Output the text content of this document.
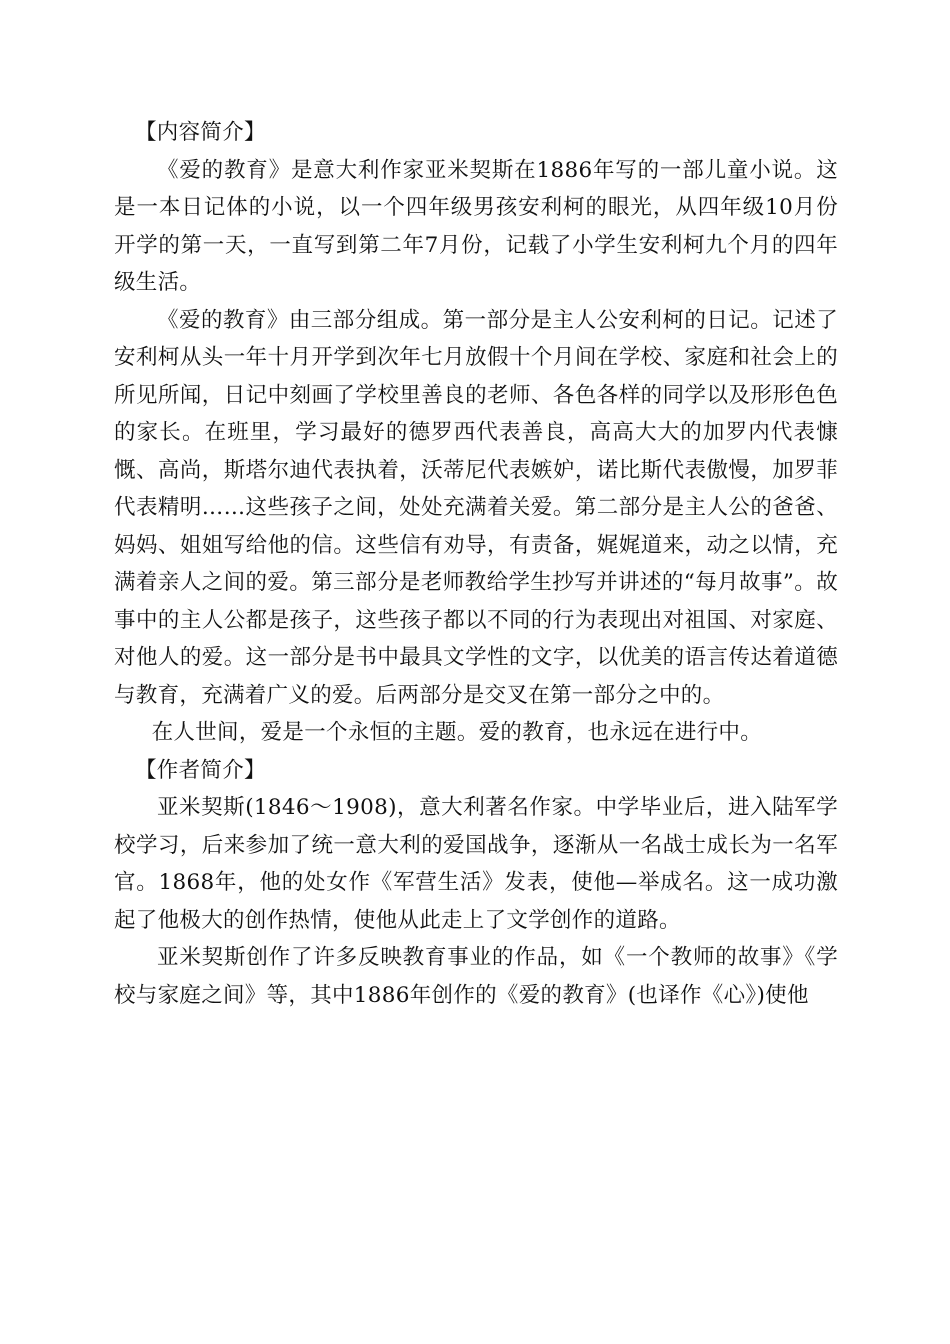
【内容简介】

《爱的教育》是意大利作家亚米契斯在1886年写的一部儿童小说。这是一本日记体的小说，以一个四年级男孩安利柯的眼光，从四年级10月份开学的第一天，一直写到第二年7月份，记载了小学生安利柯九个月的四年级生活。

《爱的教育》由三部分组成。第一部分是主人公安利柯的日记。记述了安利柯从头一年十月开学到次年七月放假十个月间在学校、家庭和社会上的所见所闻，日记中刻画了学校里善良的老师、各色各样的同学以及形形色色的家长。在班里，学习最好的德罗西代表善良，高高大大的加罗内代表慷慨、高尚，斯塔尔迪代表执着，沃蒂尼代表嫉妒，诺比斯代表傲慢，加罗菲代表精明……这些孩子之间，处处充满着关爱。第二部分是主人公的爸爸、妈妈、姐姐写给他的信。这些信有劝导，有责备，娓娓道来，动之以情，充满着亲人之间的爱。第三部分是老师教给学生抄写并讲述的“每月故事”。故事中的主人公都是孩子，这些孩子都以不同的行为表现出对祖国、对家庭、对他人的爱。这一部分是书中最具文学性的文字，以优美的语言传达着道德与教育，充满着广义的爱。后两部分是交叉在第一部分之中的。

在人世间，爱是一个永恒的主题。爱的教育，也永远在进行中。

【作者简介】

亚米契斯(1846～1908)，意大利著名作家。中学毕业后，进入陆军学校学习，后来参加了统一意大利的爱国战争，逐渐从一名战士成长为一名军官。1868年，他的处女作《军营生活》发表，使他—举成名。这一成功激起了他极大的创作热情，使他从此走上了文学创作的道路。

亚米契斯创作了许多反映教育事业的作品，如《一个教师的故事》《学校与家庭之间》等，其中1886年创作的《爱的教育》(也译作《心》)使他
